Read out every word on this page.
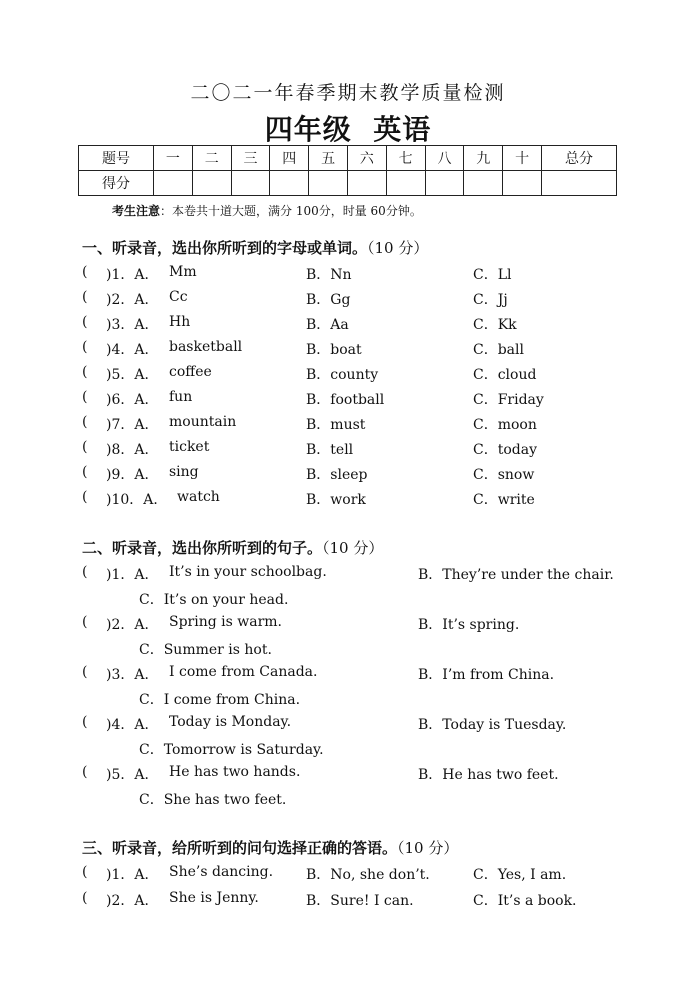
二〇二一年春季期末教学质量检测
四年级  英语
题号	一	二	三	四	五	六	七	八	九	十	总分
得分											
考生注意：本卷共十道大题，满分 100分，时量 60分钟。
一、听录音，选出你所听到的字母或单词。（10 分）
二、听录音，选出你所听到的句子。（10 分）
三、听录音，给所听到的问句选择正确的答语。（10 分）
( )1．A． Mm	B．Nn	C．Ll
( )2．A． Cc	B．Gg	C．Jj
( )3．A． Hh	B．Aa	C．Kk
( )4．A． basketball	B．boat	C．ball
( )5．A． coffee	B．county	C．cloud
( )6．A． fun	B．football	C．Friday
( )7．A． mountain	B．must	C．moon
( )8．A． ticket	B．tell	C．today
( )9．A． sing	B．sleep	C．snow
( )10．A． watch	B．work	C．write
( )1．A． It’s in your schoolbag.	B．They’re under the chair.
C．It’s on your head.
( )2．A． Spring is warm.	B．It’s spring.
C．Summer is hot.
( )3．A． I come from Canada.	B．I’m from China.
C．I come from China.
( )4．A． Today is Monday.	B．Today is Tuesday.
C．Tomorrow is Saturday.
( )5．A． He has two hands.	B．He has two feet.
C．She has two feet.
( )1．A． She’s dancing. B．No, she don’t.	C．Yes, I am.
( )2．A． She is Jenny.	B．Sure! I can.	C．It’s a book.
